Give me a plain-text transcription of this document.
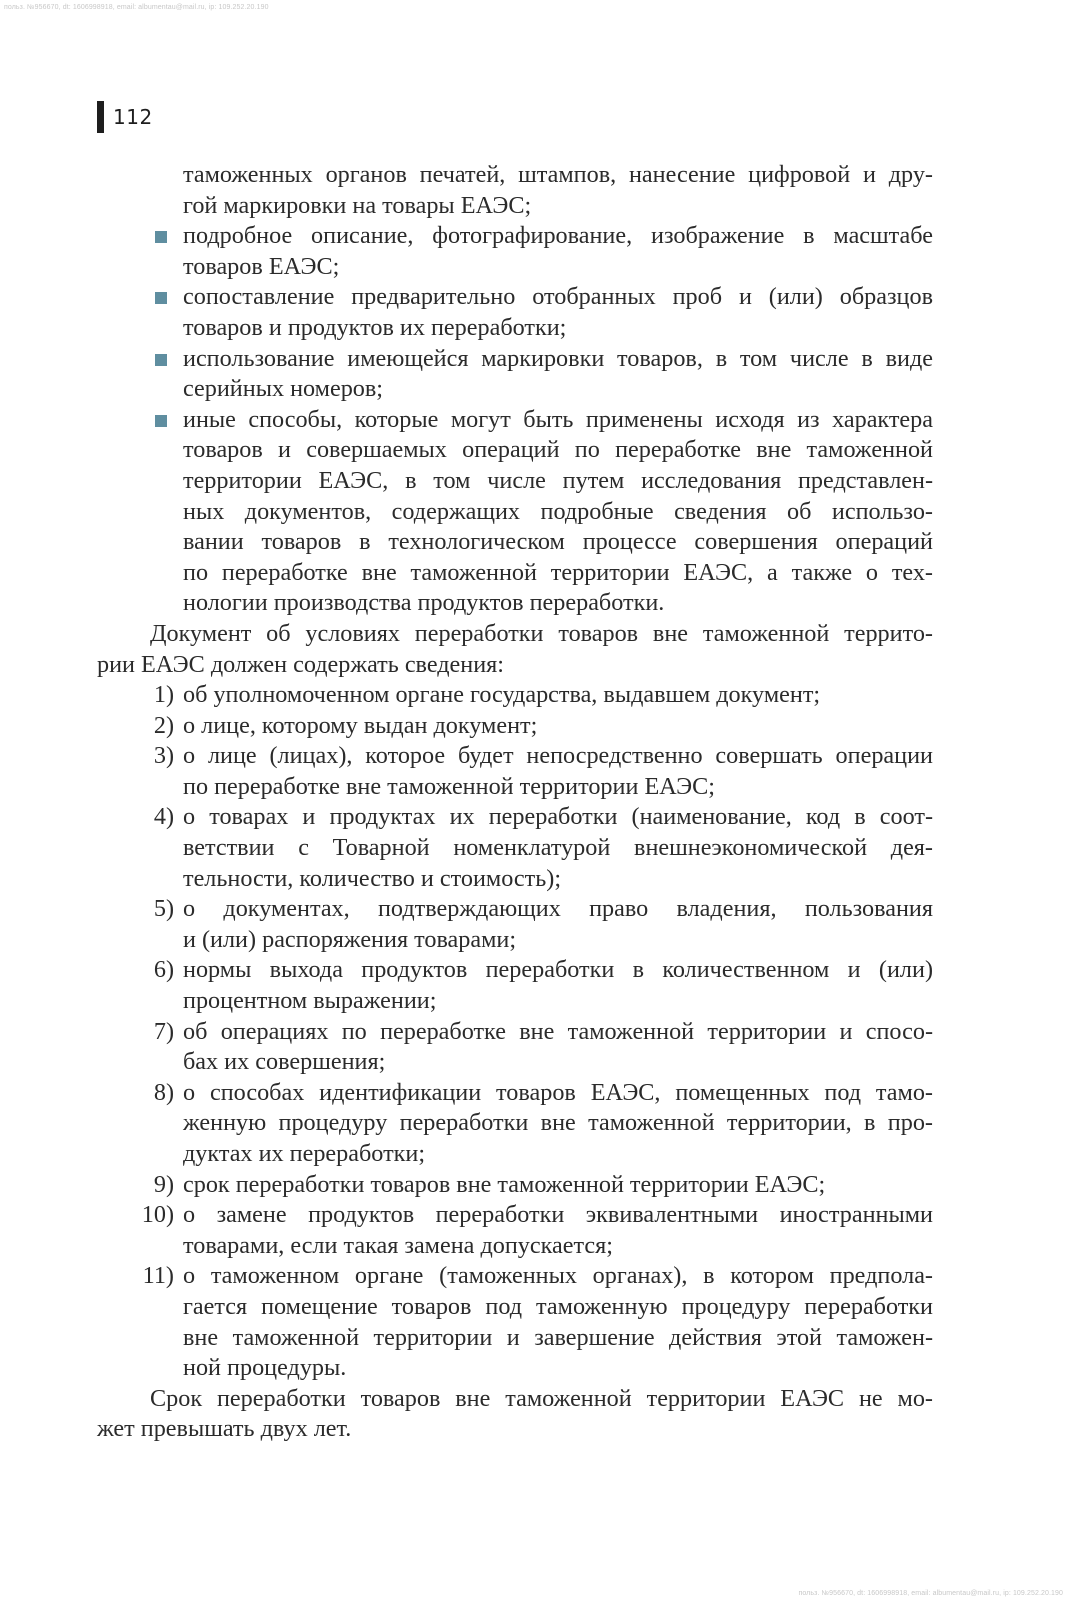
польз. №956670, dt: 1606998918, email: albumentau@mail.ru, ip: 109.252.20.190
112
таможенных органов печатей, штампов, нанесение цифровой и дру-
гой маркировки на товары ЕАЭС;
подробное описание, фотографирование, изображение в масштабе
товаров ЕАЭС;
сопоставление предварительно отобранных проб и (или) образцов
товаров и продуктов их переработки;
использование имеющейся маркировки товаров, в том числе в виде
серийных номеров;
иные способы, которые могут быть применены исходя из характера
товаров и совершаемых операций по переработке вне таможенной
территории ЕАЭС, в том числе путем исследования представлен-
ных документов, содержащих подробные сведения об использо-
вании товаров в технологическом процессе совершения операций
по переработке вне таможенной территории ЕАЭС, а также о тех-
нологии производства продуктов переработки.
Документ об условиях переработки товаров вне таможенной террито-
рии ЕАЭС должен содержать сведения:
1) об уполномоченном органе государства, выдавшем документ;
2) о лице, которому выдан документ;
3) о лице (лицах), которое будет непосредственно совершать операции
по переработке вне таможенной территории ЕАЭС;
4) о товарах и продуктах их переработки (наименование, код в соот-
ветствии с Товарной номенклатурой внешнеэкономической дея-
тельности, количество и стоимость);
5) о документах, подтверждающих право владения, пользования
и (или) распоряжения товарами;
6) нормы выхода продуктов переработки в количественном и (или)
процентном выражении;
7) об операциях по переработке вне таможенной территории и спосо-
бах их совершения;
8) о способах идентификации товаров ЕАЭС, помещенных под тамо-
женную процедуру переработки вне таможенной территории, в про-
дуктах их переработки;
9) срок переработки товаров вне таможенной территории ЕАЭС;
10) о замене продуктов переработки эквивалентными иностранными
товарами, если такая замена допускается;
11) о таможенном органе (таможенных органах), в котором предпола-
гается помещение товаров под таможенную процедуру переработки
вне таможенной территории и завершение действия этой таможен-
ной процедуры.
Срок переработки товаров вне таможенной территории ЕАЭС не мо-
жет превышать двух лет.
польз. №956670, dt: 1606998918, email: albumentau@mail.ru, ip: 109.252.20.190
